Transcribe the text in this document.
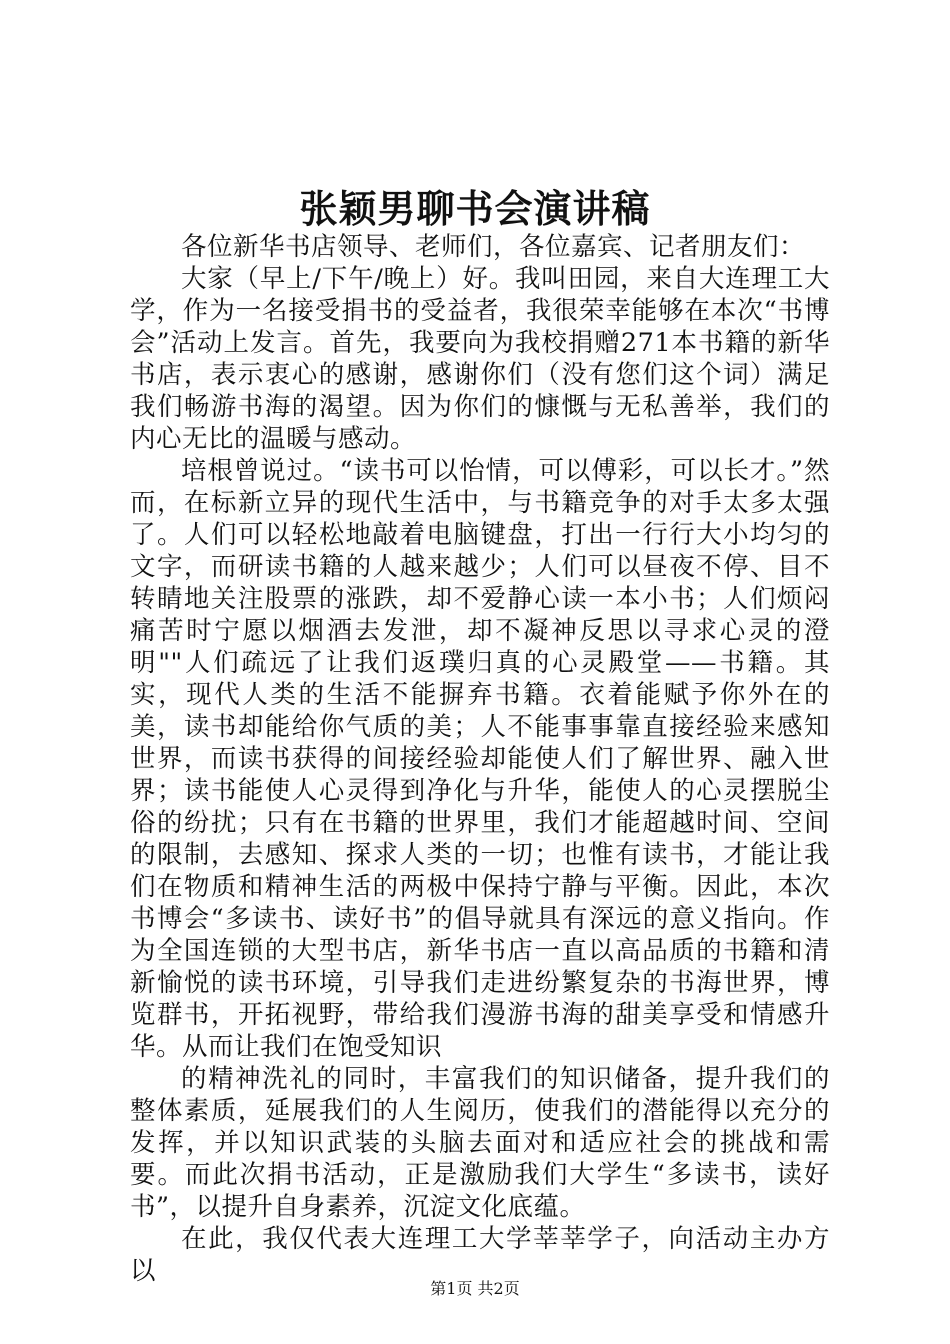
张颖男聊书会演讲稿

各位新华书店领导、老师们，各位嘉宾、记者朋友们：

大家（早上/下午/晚上）好。我叫田园，来自大连理工大学，作为一名接受捐书的受益者，我很荣幸能够在本次“书博会”活动上发言。首先，我要向为我校捐赠271本书籍的新华书店，表示衷心的感谢，感谢你们（没有您们这个词）满足我们畅游书海的渴望。因为你们的慷慨与无私善举，我们的内心无比的温暖与感动。

培根曾说过。“读书可以怡情，可以傅彩，可以长才。”然而，在标新立异的现代生活中，与书籍竞争的对手太多太强了。人们可以轻松地敲着电脑键盘，打出一行行大小均匀的文字，而研读书籍的人越来越少；人们可以昼夜不停、目不转睛地关注股票的涨跌，却不爱静心读一本小书；人们烦闷痛苦时宁愿以烟酒去发泄，却不凝神反思以寻求心灵的澄明""人们疏远了让我们返璞归真的心灵殿堂——书籍。其实，现代人类的生活不能摒弃书籍。衣着能赋予你外在的美，读书却能给你气质的美；人不能事事靠直接经验来感知世界，而读书获得的间接经验却能使人们了解世界、融入世界；读书能使人心灵得到净化与升华，能使人的心灵摆脱尘俗的纷扰；只有在书籍的世界里，我们才能超越时间、空间的限制，去感知、探求人类的一切；也惟有读书，才能让我们在物质和精神生活的两极中保持宁静与平衡。因此，本次书博会“多读书、读好书”的倡导就具有深远的意义指向。作为全国连锁的大型书店，新华书店一直以高品质的书籍和清新愉悦的读书环境，引导我们走进纷繁复杂的书海世界，博览群书，开拓视野，带给我们漫游书海的甜美享受和情感升华。从而让我们在饱受知识

的精神洗礼的同时，丰富我们的知识储备，提升我们的整体素质，延展我们的人生阅历，使我们的潜能得以充分的发挥，并以知识武装的头脑去面对和适应社会的挑战和需要。而此次捐书活动，正是激励我们大学生“多读书，读好书”，以提升自身素养，沉淀文化底蕴。

在此，我仅代表大连理工大学莘莘学子，向活动主办方以

第1页 共2页
